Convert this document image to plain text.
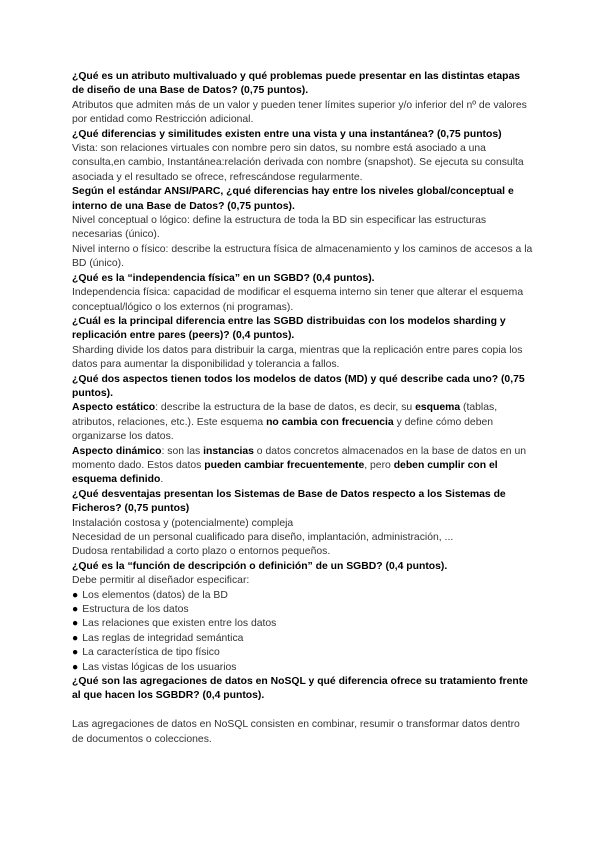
¿Qué es un atributo multivaluado y qué problemas puede presentar en las distintas etapas de diseño de una Base de Datos? (0,75 puntos).
Atributos que admiten más de un valor y pueden tener límites superior y/o inferior del nº de valores por entidad como Restricción adicional.
¿Qué diferencias y similitudes existen entre una vista y una instantánea? (0,75 puntos)
Vista: son relaciones virtuales con nombre pero sin datos, su nombre está asociado a una consulta,en cambio, Instantánea:relación derivada con nombre (snapshot). Se ejecuta su consulta asociada y el resultado se ofrece, refrescándose regularmente.
Según el estándar ANSI/PARC, ¿qué diferencias hay entre los niveles global/conceptual e interno de una Base de Datos? (0,75 puntos).
Nivel conceptual o lógico: define la estructura de toda la BD sin especificar las estructuras necesarias (único).
Nivel interno o físico: describe la estructura física de almacenamiento y los caminos de accesos a la BD (único).
¿Qué es la “independencia física” en un SGBD? (0,4 puntos).
Independencia física: capacidad de modificar el esquema interno sin tener que alterar el esquema conceptual/lógico o los externos (ni programas).
¿Cuál es la principal diferencia entre las SGBD distribuidas con los modelos sharding y replicación entre pares (peers)? (0,4 puntos).
Sharding divide los datos para distribuir la carga, mientras que la replicación entre pares copia los datos para aumentar la disponibilidad y tolerancia a fallos.
¿Qué dos aspectos tienen todos los modelos de datos (MD) y qué describe cada uno? (0,75 puntos).
Aspecto estático: describe la estructura de la base de datos, es decir, su esquema (tablas, atributos, relaciones, etc.). Este esquema no cambia con frecuencia y define cómo deben organizarse los datos.
Aspecto dinámico: son las instancias o datos concretos almacenados en la base de datos en un momento dado. Estos datos pueden cambiar frecuentemente, pero deben cumplir con el esquema definido.
¿Qué desventajas presentan los Sistemas de Base de Datos respecto a los Sistemas de Ficheros? (0,75 puntos)
Instalación costosa y (potencialmente) compleja
Necesidad de un personal cualificado para diseño, implantación, administración, ...
Dudosa rentabilidad a corto plazo o entornos pequeños.
¿Qué es la “función de descripción o definición” de un SGBD? (0,4 puntos).
Debe permitir al diseñador especificar:
● Los elementos (datos) de la BD
● Estructura de los datos
● Las relaciones que existen entre los datos
● Las reglas de integridad semántica
● La característica de tipo físico
● Las vistas lógicas de los usuarios
¿Qué son las agregaciones de datos en NoSQL y qué diferencia ofrece su tratamiento frente al que hacen los SGBDR? (0,4 puntos).
Las agregaciones de datos en NoSQL consisten en combinar, resumir o transformar datos dentro de documentos o colecciones.
